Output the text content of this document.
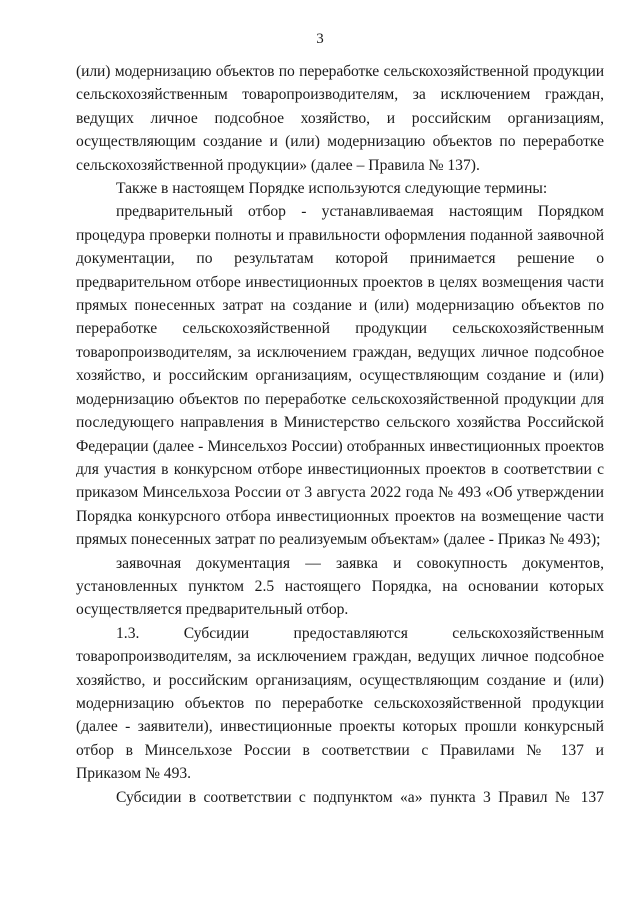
3
(или) модернизацию объектов по переработке сельскохозяйственной продукции
сельскохозяйственным товаропроизводителям, за исключением граждан,
ведущих личное подсобное хозяйство, и российским организациям,
осуществляющим создание и (или) модернизацию объектов по переработке
сельскохозяйственной продукции» (далее – Правила № 137).
Также в настоящем Порядке используются следующие термины:
предварительный отбор - устанавливаемая настоящим Порядком
процедура проверки полноты и правильности оформления поданной заявочной
документации, по результатам которой принимается решение о
предварительном отборе инвестиционных проектов в целях возмещения части
прямых понесенных затрат на создание и (или) модернизацию объектов по
переработке сельскохозяйственной продукции сельскохозяйственным
товаропроизводителям, за исключением граждан, ведущих личное подсобное
хозяйство, и российским организациям, осуществляющим создание и (или)
модернизацию объектов по переработке сельскохозяйственной продукции для
последующего направления в Министерство сельского хозяйства Российской
Федерации (далее - Минсельхоз России) отобранных инвестиционных проектов
для участия в конкурсном отборе инвестиционных проектов в соответствии с
приказом Минсельхоза России от 3 августа 2022 года № 493 «Об утверждении
Порядка конкурсного отбора инвестиционных проектов на возмещение части
прямых понесенных затрат по реализуемым объектам» (далее - Приказ № 493);
заявочная документация — заявка и совокупность документов,
установленных пунктом 2.5 настоящего Порядка, на основании которых
осуществляется предварительный отбор.
1.3. Субсидии предоставляются сельскохозяйственным
товаропроизводителям, за исключением граждан, ведущих личное подсобное
хозяйство, и российским организациям, осуществляющим создание и (или)
модернизацию объектов по переработке сельскохозяйственной продукции
(далее - заявители), инвестиционные проекты которых прошли конкурсный
отбор в Минсельхозе России в соответствии с Правилами № 137 и
Приказом № 493.
Субсидии в соответствии с подпунктом «а» пункта 3 Правил № 137
